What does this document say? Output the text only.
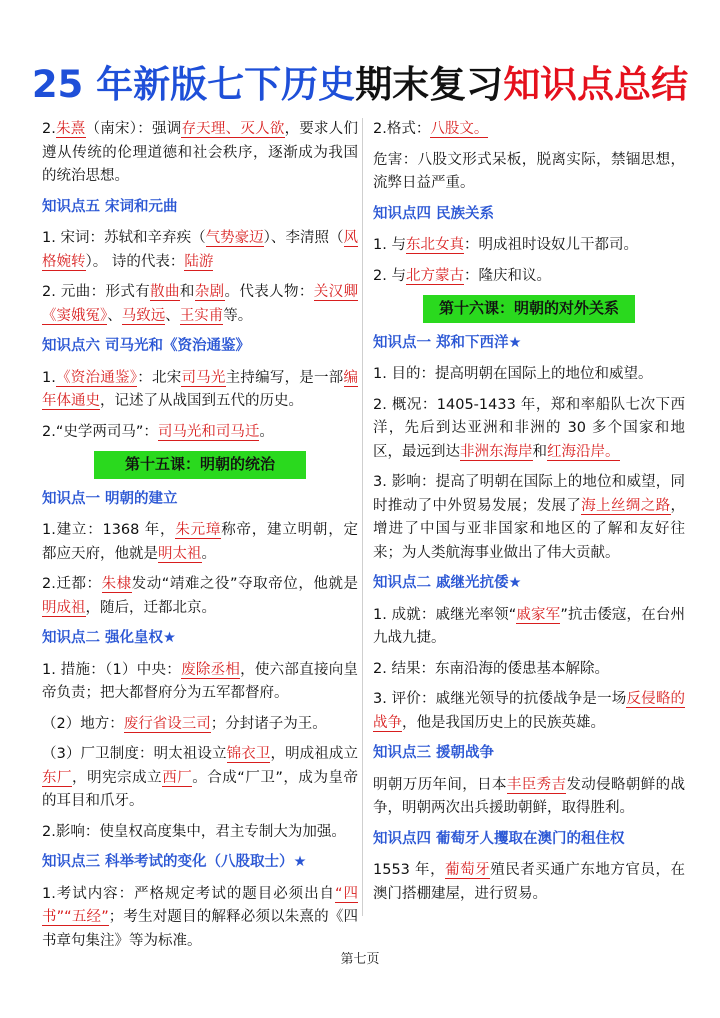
25 年新版七下历史期末复习知识点总结
2.朱熹（南宋）：强调存天理、灭人欲，要求人们遵从传统的伦理道德和社会秩序，逐渐成为我国的统治思想。
知识点五 宋词和元曲
1. 宋词：苏轼和辛弃疾（气势豪迈）、李清照（风格婉转）。 诗的代表：陆游
2. 元曲：形式有散曲和杂剧。代表人物：关汉卿《窦娥冤》、马致远、王实甫等。
知识点六 司马光和《资治通鉴》
1.《资治通鉴》：北宋司马光主持编写，是一部编年体通史，记述了从战国到五代的历史。
2.“史学两司马”：司马光和司马迁。
第十五课：明朝的统治
知识点一 明朝的建立
1.建立：1368 年，朱元璋称帝，建立明朝，定都应天府，他就是明太祖。
2.迁都：朱棣发动“靖难之役”夺取帝位，他就是明成祖，随后，迁都北京。
知识点二 强化皇权★
1. 措施：（1）中央：废除丞相，使六部直接向皇帝负责；把大都督府分为五军都督府。
（2）地方：废行省设三司；分封诸子为王。
（3）厂卫制度：明太祖设立锦衣卫，明成祖成立东厂，明宪宗成立西厂。合成“厂卫”，成为皇帝的耳目和爪牙。
2.影响：使皇权高度集中，君主专制大为加强。
知识点三 科举考试的变化（八股取士）★
1.考试内容：严格规定考试的题目必须出自“四书”“五经”；考生对题目的解释必须以朱熹的《四书章句集注》等为标准。
2.格式：八股文。
危害：八股文形式呆板，脱离实际，禁锢思想，流弊日益严重。
知识点四 民族关系
1. 与东北女真：明成祖时设奴儿干都司。
2. 与北方蒙古：隆庆和议。
第十六课：明朝的对外关系
知识点一 郑和下西洋★
1. 目的：提高明朝在国际上的地位和威望。
2. 概况：1405-1433 年，郑和率船队七次下西洋，先后到达亚洲和非洲的 30 多个国家和地区，最远到达非洲东海岸和红海沿岸。
3. 影响：提高了明朝在国际上的地位和威望，同时推动了中外贸易发展；发展了海上丝绸之路，增进了中国与亚非国家和地区的了解和友好往来；为人类航海事业做出了伟大贡献。
知识点二 戚继光抗倭★
1. 成就：戚继光率领“戚家军”抗击倭寇，在台州九战九捷。
2. 结果：东南沿海的倭患基本解除。
3. 评价：戚继光领导的抗倭战争是一场反侵略的战争，他是我国历史上的民族英雄。
知识点三 援朝战争
明朝万历年间，日本丰臣秀吉发动侵略朝鲜的战争，明朝两次出兵援助朝鲜，取得胜利。
知识点四 葡萄牙人攫取在澳门的租住权
1553 年，葡萄牙殖民者买通广东地方官员，在澳门搭棚建屋，进行贸易。
第七页
